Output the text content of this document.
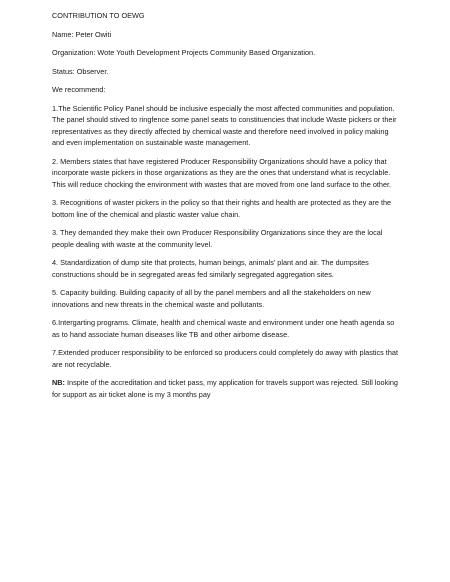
CONTRIBUTION TO OEWG

Name: Peter Owiti

Organization: Wote Youth Development Projects Community Based Organization.

Status: Observer.

We recommend:

1.The Scientific Policy Panel should be inclusive especially the most affected communities and population. The panel should stived to ringfence some panel seats to constituencies that include Waste pickers or their representatives as they directly affected by chemical waste and therefore need involved in policy making and even implementation on sustainable waste management.

2. Members states that have registered Producer Responsibility Organizations should have a policy that incorporate waste pickers in those organizations as they are the ones that understand what is recyclable. This will reduce chocking the environment with wastes that are moved from one land surface to the other.

3. Recognitions of waster pickers in the policy so that their rights and health are protected as they are the bottom line of the chemical and plastic waster value chain.

3. They demanded they make their own Producer Responsibility Organizations since they are the local people dealing with waste at the community level.

4. Standardization of dump site that protects, human beings, animals' plant and air. The dumpsites constructions should be in segregated areas fed similarly segregated aggregation sites.

5. Capacity building. Building capacity of all by the panel members and all the stakeholders on new innovations and new threats in the chemical waste and pollutants.

6.Intergarting programs. Climate, health and chemical waste and environment under one heath agenda so as to hand associate human diseases like TB and other airborne disease.

7.Extended producer responsibility to be enforced so producers could completely do away with plastics that are not recyclable.

NB: Inspite of the accreditation and ticket pass, my application for travels support was rejected. Still looking for support as air ticket alone is my 3 months pay
